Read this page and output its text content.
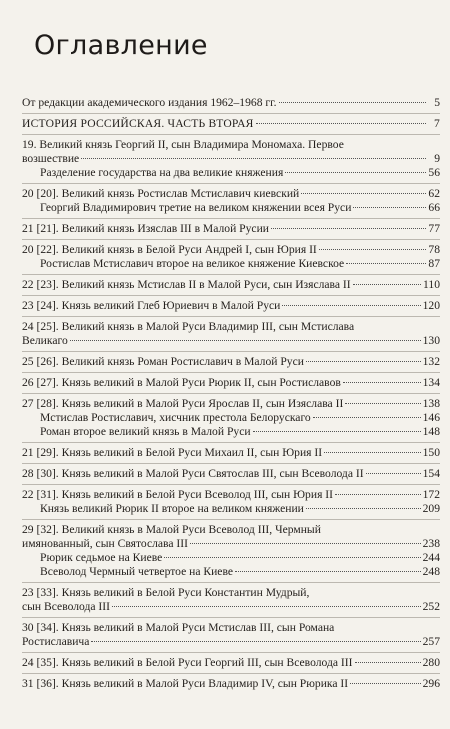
Оглавление
От редакции академического издания 1962–1968 гг.	5
ИСТОРИЯ РОССИЙСКАЯ. ЧАСТЬ ВТОРАЯ	7
19. Великий князь Георгий II, сын Владимира Мономаха. Первое
возшествие	9
Разделение государства на два великие княжения	56
20 [20]. Великий князь Ростислав Мстиславич киевский	62
Георгий Владимирович третие на великом княжении всея Руси	66
21 [21]. Великий князь Изяслав III в Малой Русии	77
20 [22]. Великий князь в Белой Руси Андрей I, сын Юрия II	78
Ростислав Мстиславич второе на великое княжение Киевское	87
22 [23]. Великий князь Мстислав II в Малой Руси, сын Изяслава II	110
23 [24]. Князь великий Глеб Юриевич в Малой Руси	120
24 [25]. Великий князь в Малой Руси Владимир III, сын Мстислава
Великаго	130
25 [26]. Великий князь Роман Ростиславич в Малой Руси	132
26 [27]. Князь великий в Малой Руси Рюрик II, сын Ростиславов	134
27 [28]. Князь великий в Малой Руси Ярослав II, сын Изяслава II	138
Мстислав Ростиславич, хисчник престола Белорускаго	146
Роман второе великий князь в Малой Руси	148
21 [29]. Князь великий в Белой Руси Михаил II, сын Юрия II	150
28 [30]. Князь великий в Малой Руси Святослав III, сын Всеволода II	154
22 [31]. Князь великий в Белой Руси Всеволод III, сын Юрия II	172
Князь великий Рюрик II второе на великом княжении	209
29 [32]. Великий князь в Малой Руси Всеволод III, Чермный
имянованный, сын Святослава III	238
Рюрик седьмое на Киеве	244
Всеволод Чермный четвертое на Киеве	248
23 [33]. Князь великий в Белой Руси Константин Мудрый,
сын Всеволода III	252
30 [34]. Князь великий в Малой Руси Мстислав III, сын Романа
Ростиславича	257
24 [35]. Князь великий в Белой Руси Георгий III, сын Всеволода III	280
31 [36]. Князь великий в Малой Руси Владимир IV, сын Рюрика II	296
